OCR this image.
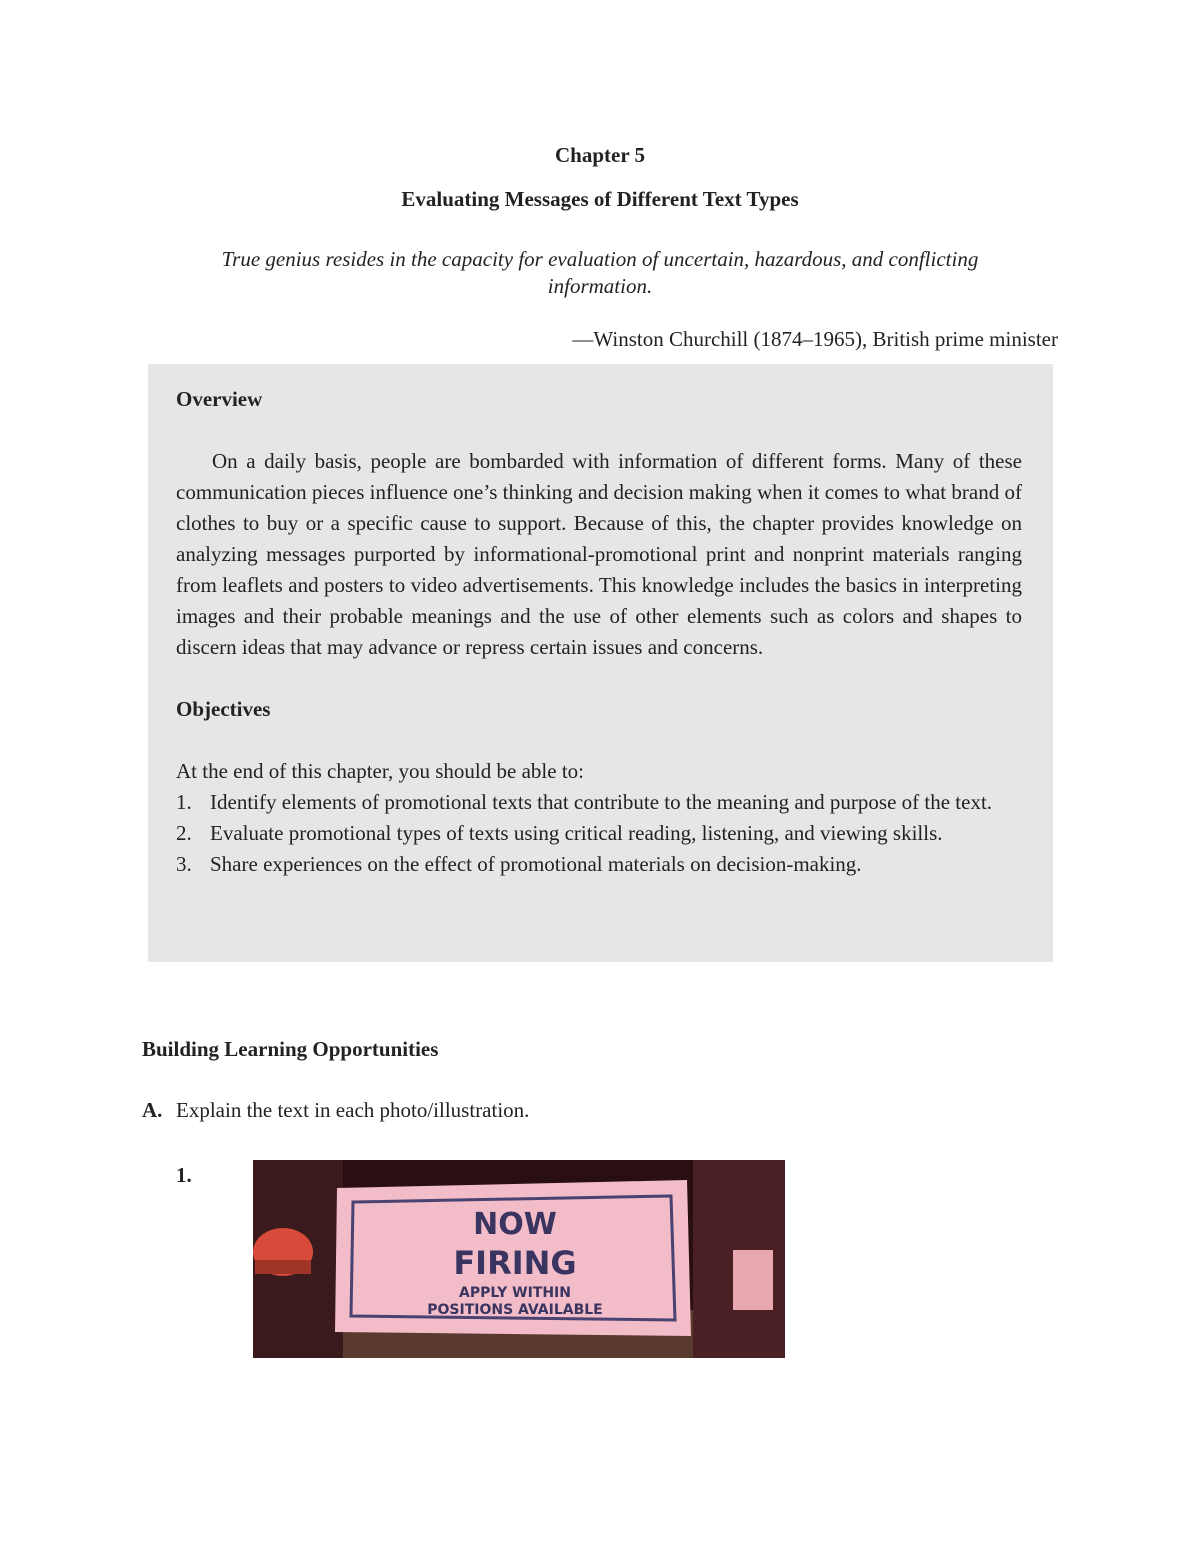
Chapter 5
Evaluating Messages of Different Text Types
True genius resides in the capacity for evaluation of uncertain, hazardous, and conflicting information.
—Winston Churchill (1874–1965), British prime minister
Overview

On a daily basis, people are bombarded with information of different forms. Many of these communication pieces influence one’s thinking and decision making when it comes to what brand of clothes to buy or a specific cause to support. Because of this, the chapter provides knowledge on analyzing messages purported by informational-promotional print and nonprint materials ranging from leaflets and posters to video advertisements. This knowledge includes the basics in interpreting images and their probable meanings and the use of other elements such as colors and shapes to discern ideas that may advance or repress certain issues and concerns.

Objectives
At the end of this chapter, you should be able to:
1. Identify elements of promotional texts that contribute to the meaning and purpose of the text.
2. Evaluate promotional types of texts using critical reading, listening, and viewing skills.
3. Share experiences on the effect of promotional materials on decision-making.
Building Learning Opportunities
A. Explain the text in each photo/illustration.
1.
NOW
FIRING
APPLY WITHIN
POSITIONS AVAILABLE
